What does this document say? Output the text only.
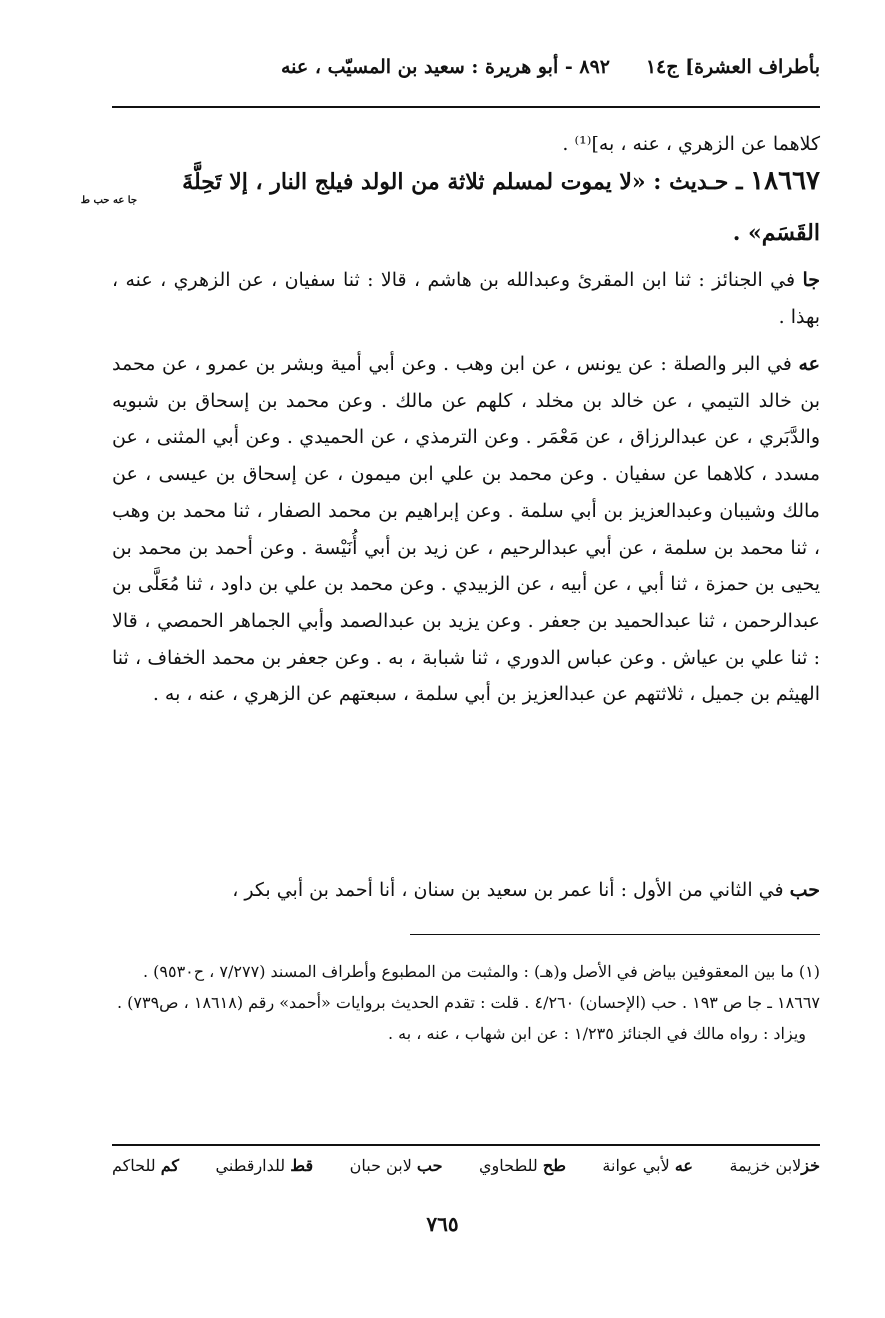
بأطراف العشرة] ج١٤
٨٩٢ - أبو هريرة : سعيد بن المسيّب ، عنه
كلاهما عن الزهري ، عنه ، به]⁽¹⁾ .
١٨٦٦٧ ـ حـديث : «لا يموت لمسلم ثلاثة من الولد فيلج النار ، إلا تَحِلَّةَ
جا عه حب ط
القَسَم» .
جا في الجنائز : ثنا ابن المقرئ وعبدالله بن هاشم ، قالا : ثنا سفيان ، عن الزهري ، عنه ، بهذا .
عه في البر والصلة : عن يونس ، عن ابن وهب . وعن أبي أمية وبشر بن عمرو ، عن محمد بن خالد التيمي ، عن خالد بن مخلد ، كلهم عن مالك . وعن محمد بن إسحاق بن شبويه والدَّبَري ، عن عبدالرزاق ، عن مَعْمَر . وعن الترمذي ، عن الحميدي . وعن أبي المثنى ، عن مسدد ، كلاهما عن سفيان . وعن محمد بن علي ابن ميمون ، عن إسحاق بن عيسى ، عن مالك وشيبان وعبدالعزيز بن أبي سلمة . وعن إبراهيم بن محمد الصفار ، ثنا محمد بن وهب ، ثنا محمد بن سلمة ، عن أبي عبدالرحيم ، عن زيد بن أبي أُنَيْسة . وعن أحمد بن محمد بن يحيى بن حمزة ، ثنا أبي ، عن أبيه ، عن الزبيدي . وعن محمد بن علي بن داود ، ثنا مُعَلَّى بن عبدالرحمن ، ثنا عبدالحميد بن جعفر . وعن يزيد بن عبدالصمد وأبي الجماهر الحمصي ، قالا : ثنا علي بن عياش . وعن عباس الدوري ، ثنا شبابة ، به . وعن جعفر بن محمد الخفاف ، ثنا الهيثم بن جميل ، ثلاثتهم عن عبدالعزيز بن أبي سلمة ، سبعتهم عن الزهري ، عنه ، به .
حب في الثاني من الأول : أنا عمر بن سعيد بن سنان ، أنا أحمد بن أبي بكر ،

(١) ما بين المعقوفين بياض في الأصل و(هـ) : والمثبت من المطبوع وأطراف المسند (٧/٢٧٧ ، ح٩٥٣٠) .

١٨٦٦٧ ـ جا ص ١٩٣ . حب (الإحسان) ٤/٢٦٠ . قلت : تقدم الحديث بروايات «أحمد» رقم (١٨٦١٨ ، ص٧٣٩) .

ويزاد : رواه مالك في الجنائز ١/٢٣٥ : عن ابن شهاب ، عنه ، به .

خزلابن خزيمة
عه لأبي عوانة
طح للطحاوي
حب لابن حبان
قط للدارقطني
كم للحاكم
٧٦٥
